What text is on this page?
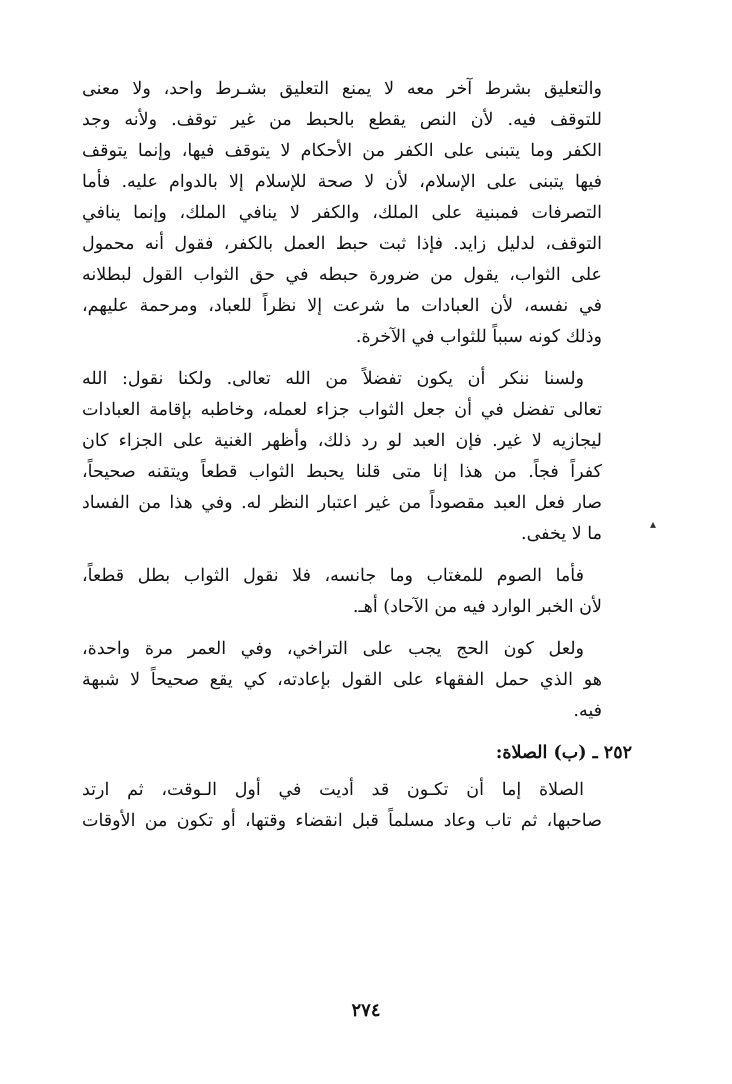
والتعليق بشرط آخر معه لا يمنع التعليق بشـرط واحد، ولا معنى
للتوقف فيه. لأن النص يقطع بالحبط من غير توقف. ولأنه وجد
الكفر وما يتبنى على الكفر من الأحكام لا يتوقف فيها، وإنما يتوقف
فيها يتبنى على الإسلام، لأن لا صحة للإسلام إلا بالدوام عليه. فأما
التصرفات فمبنية على الملك، والكفر لا ينافي الملك، وإنما ينافي
التوقف، لدليل زايد. فإذا ثبت حبط العمل بالكفر، فقول أنه محمول
على الثواب، يقول من ضرورة حبطه في حق الثواب القول لبطلانه
في نفسه، لأن العبادات ما شرعت إلا نظراً للعباد، ومرحمة عليهم،
وذلك كونه سبباً للثواب في الآخرة.
ولسنا ننكر أن يكون تفضلاً من الله تعالى. ولكنا نقول: الله
تعالى تفضل في أن جعل الثواب جزاء لعمله، وخاطبه بإقامة العبادات
ليجازيه لا غير. فإن العبد لو رد ذلك، وأظهر الغنية على الجزاء كان
كفراً فجاً. من هذا إنا متى قلنا يحبط الثواب قطعاً ويتقنه صحيحاً،
صار فعل العبد مقصوداً من غير اعتبار النظر له. وفي هذا من الفساد
ما لا يخفى.
فأما الصوم للمغتاب وما جانسه، فلا نقول الثواب بطل قطعاً،
لأن الخبر الوارد فيه من الآحاد) أهـ.
ولعل كون الحج يجب على التراخي، وفي العمر مرة واحدة،
هو الذي حمل الفقهاء على القول بإعادته، كي يقع صحيحاً لا شبهة
فيه.
٢٥٢ ـ (ب) الصلاة:
الصلاة إما أن تكـون قد أديت في أول الـوقت، ثم ارتد
صاحبها، ثم تاب وعاد مسلماً قبل انقضاء وقتها، أو تكون من الأوقات
▴
٢٧٤
